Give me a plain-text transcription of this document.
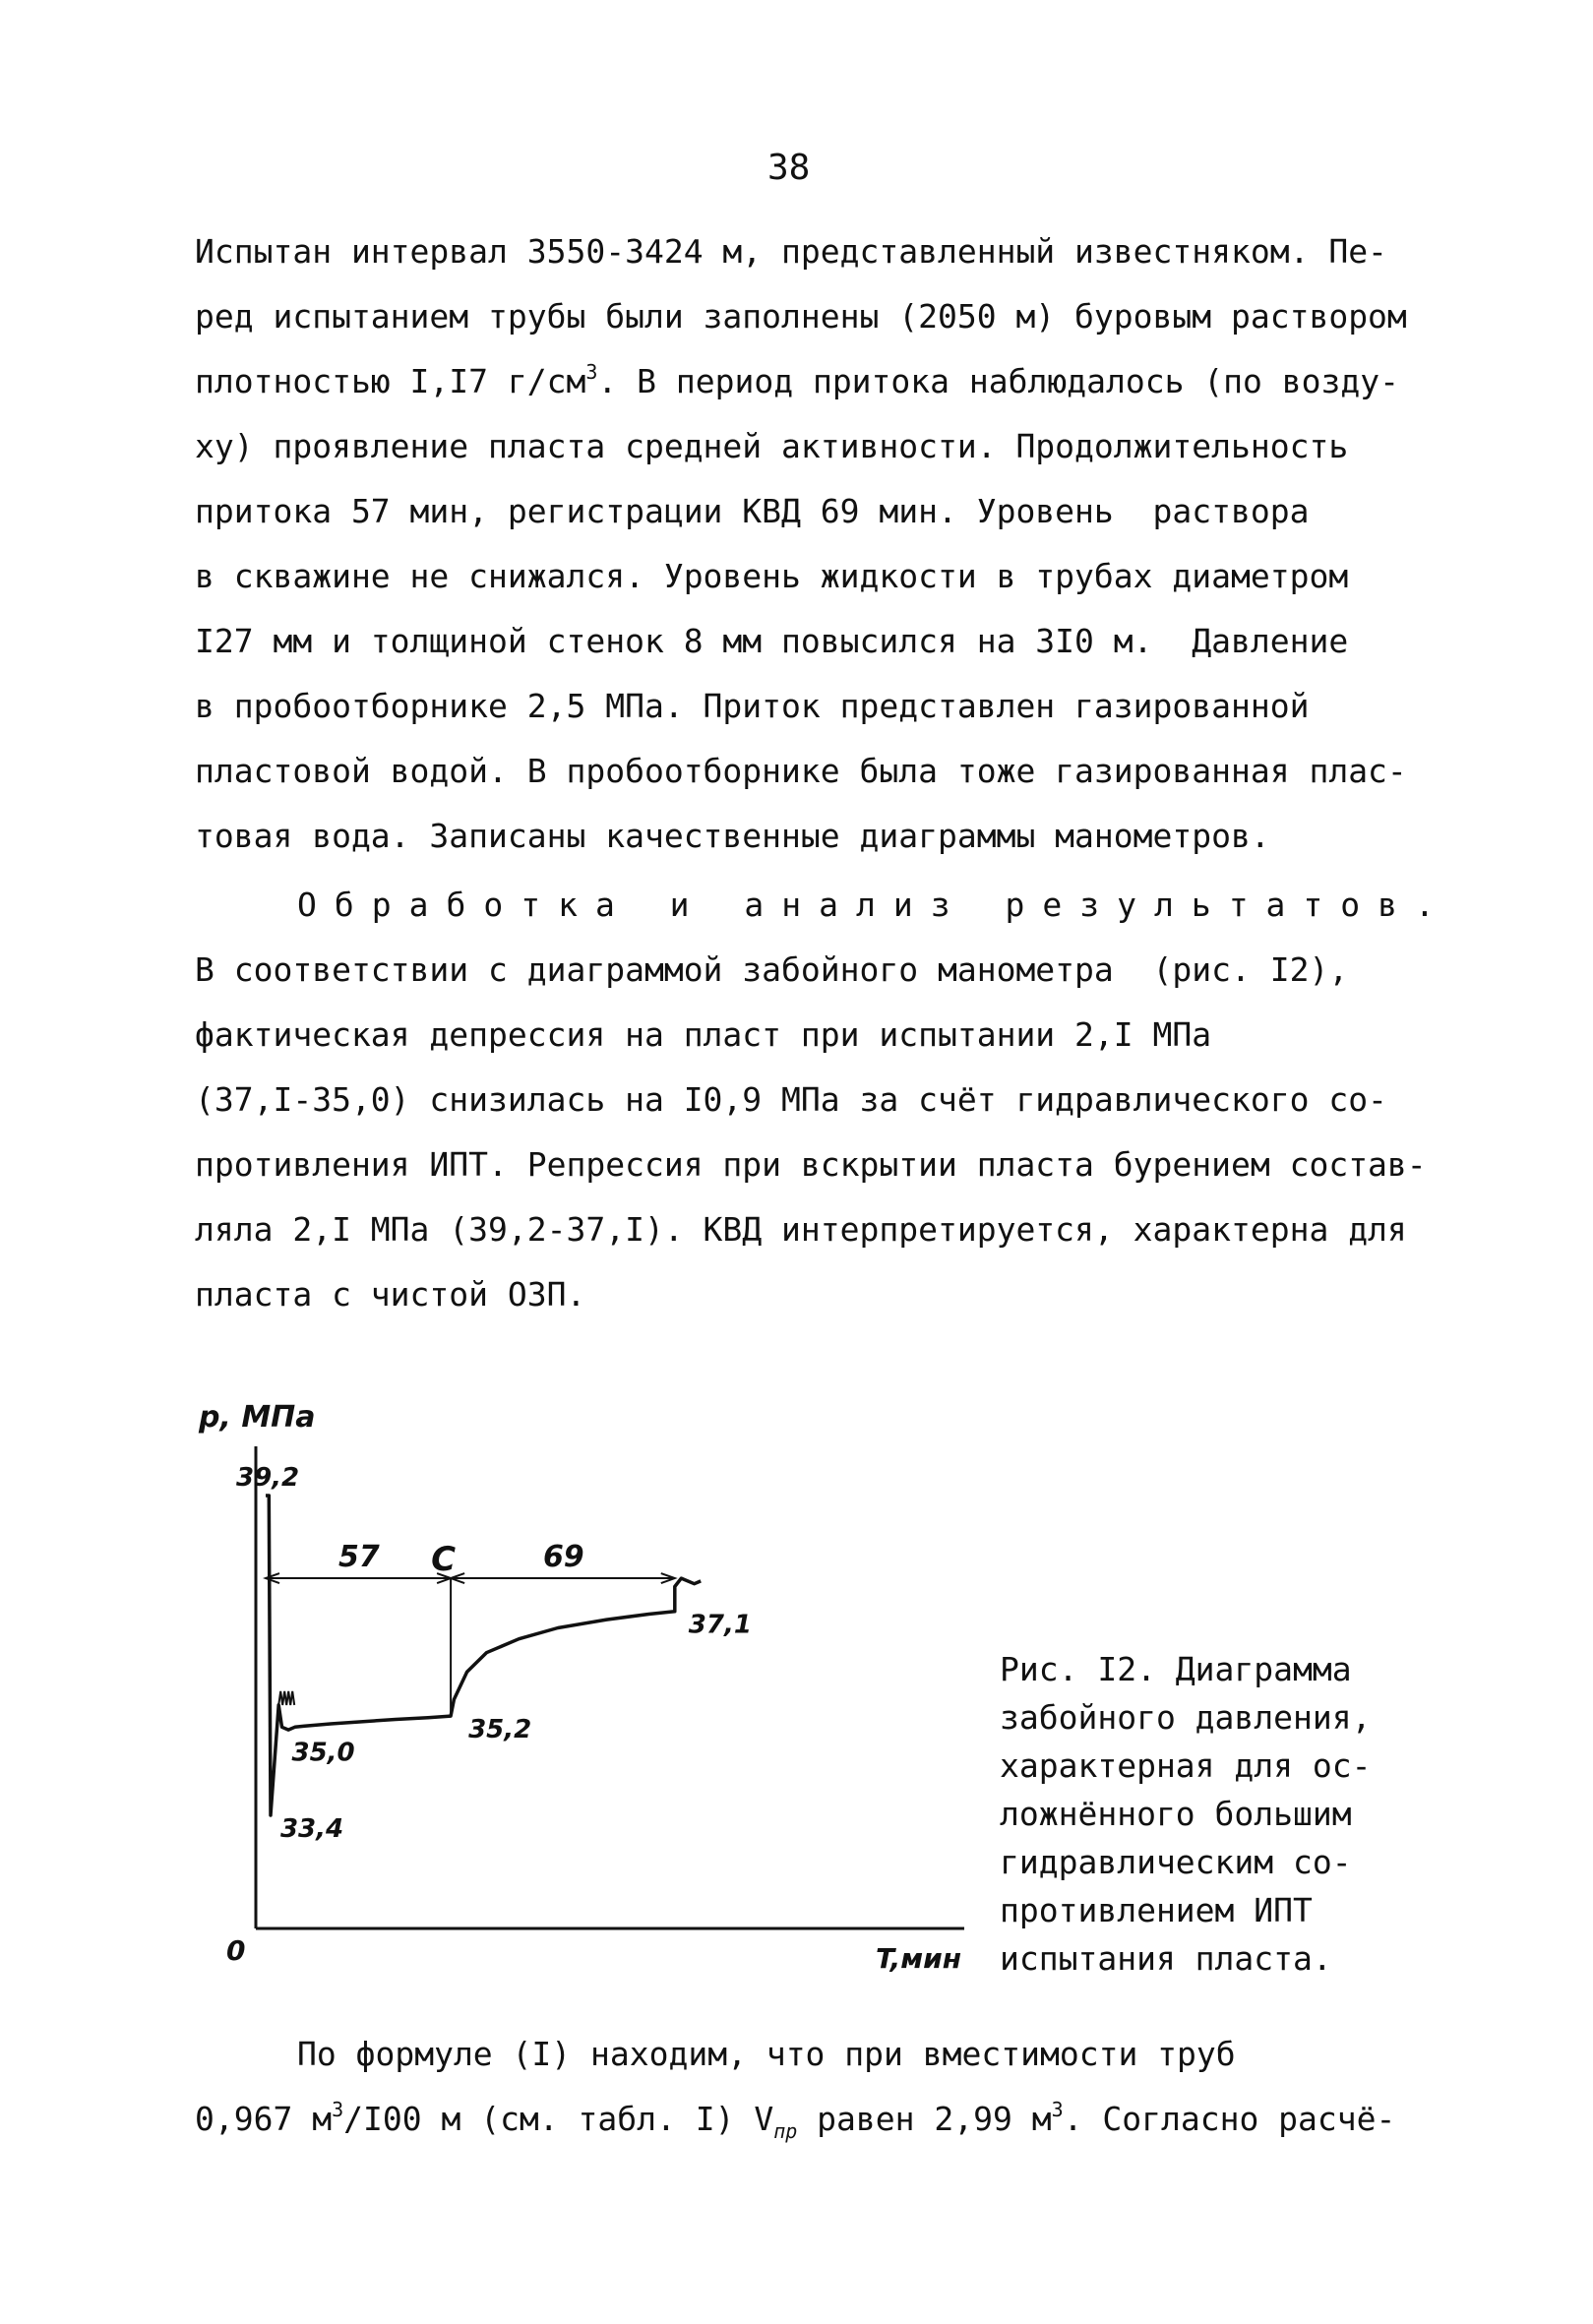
38
Испытан интервал 3550-3424 м, представленный известняком. Пе-
ред испытанием трубы были заполнены (2050 м) буровым раствором
плотностью I,I7 $г/см^3$. В период притока наблюдалось (по возду-
ху) проявление пласта средней активности. Продолжительность
притока 57 мин, регистрации КВД 69 мин. Уровень  раствора
в скважине не снижался. Уровень жидкости в трубах диаметром
I27 мм и толщиной стенок 8 мм повысился на 3I0 м.  Давление
в пробоотборнике 2,5 МПа. Приток представлен газированной
пластовой водой. В пробоотборнике была тоже газированная плас-
товая вода. Записаны качественные диаграммы манометров.
Обработка и анализ результатов.
В соответствии с диаграммой забойного манометра  (рис. I2),
фактическая депрессия на пласт при испытании 2,I МПа
(37,I-35,0) снизилась на I0,9 МПа за счёт гидравлического со-
противления ИПТ. Репрессия при вскрытии пласта бурением состав-
ляла 2,I МПа (39,2-37,I). КВД интерпретируется, характерна для
пласта с чистой ОЗП.
p, МПа
T,мин
0
57	69
С
39,2
33,4
35,0
35,2
37,1
Рис. I2. Диаграмма
забойного давления,
характерная для ос-
ложнённого большим
гидравлическим со-
противлением ИПТ
испытания пласта.
По формуле (I) находим, что при вместимости труб
0,967 $м^3/I00$ м (см. табл. I) $V_{пр}$ равен 2,99 $м^3$. Согласно расчё-
